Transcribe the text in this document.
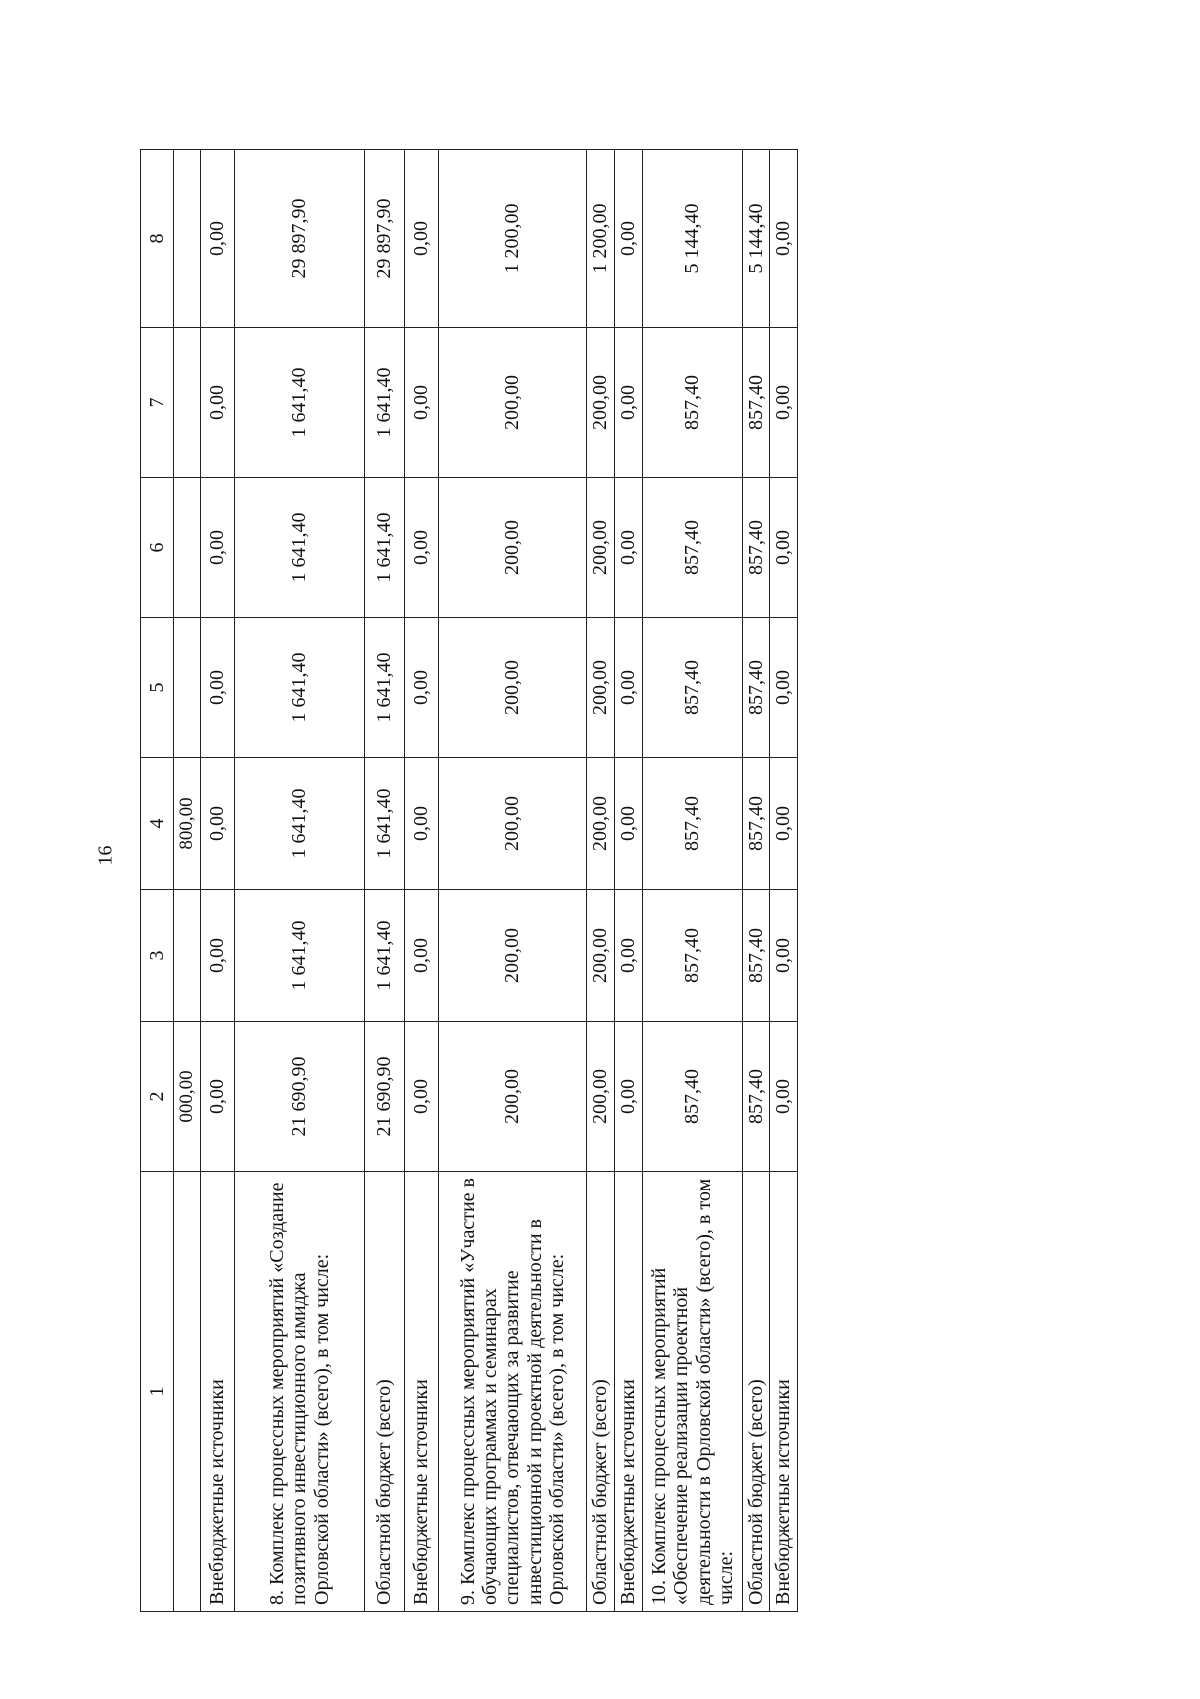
16
1	2	3	4	5	6	7	8
	000,00		800,00				
Внебюджетные источники	0,00	0,00	0,00	0,00	0,00	0,00	0,00
8. Комплекс процессных мероприятий «Создание позитивного инвестиционного имиджа Орловской области» (всего), в том числе:	21 690,90	1 641,40	1 641,40	1 641,40	1 641,40	1 641,40	29 897,90
Областной бюджет (всего)	21 690,90	1 641,40	1 641,40	1 641,40	1 641,40	1 641,40	29 897,90
Внебюджетные источники	0,00	0,00	0,00	0,00	0,00	0,00	0,00
9. Комплекс процессных мероприятий «Участие в обучающих программах и семинарах специалистов, отвечающих за развитие инвестиционной и проектной деятельности в Орловской области» (всего), в том числе:	200,00	200,00	200,00	200,00	200,00	200,00	1 200,00
Областной бюджет (всего)	200,00	200,00	200,00	200,00	200,00	200,00	1 200,00
Внебюджетные источники	0,00	0,00	0,00	0,00	0,00	0,00	0,00
10. Комплекс процессных мероприятий «Обеспечение реализации проектной деятельности в Орловской области» (всего), в том числе:	857,40	857,40	857,40	857,40	857,40	857,40	5 144,40
Областной бюджет (всего)	857,40	857,40	857,40	857,40	857,40	857,40	5 144,40
Внебюджетные источники	0,00	0,00	0,00	0,00	0,00	0,00	0,00
